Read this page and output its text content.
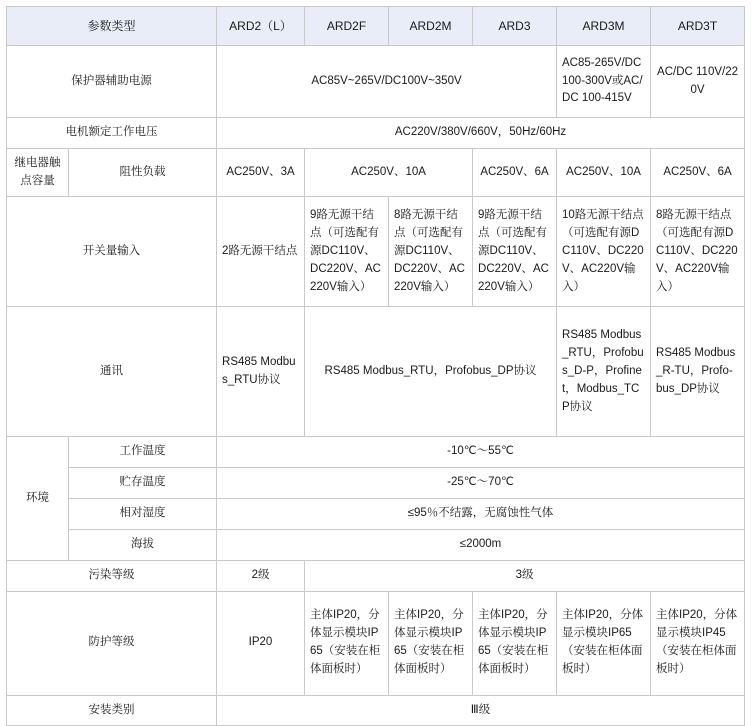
参数类型		ARD2（L）	ARD2F	ARD2M	ARD3	ARD3M	ARD3T
保护器辅助电源		AC85V~265V/DC100V~350V				AC85-265V/DC100-300V或AC/DC 100-415V	AC/DC 110V/220V
电机额定工作电压		AC220V/380V/660V，50Hz/60Hz					
继电器触点容量	阻性负载	AC250V、3A	AC250V、10A		AC250V、6A	AC250V、10A	AC250V、6A
开关量输入		2路无源干结点	9路无源干结点（可选配有源DC110V、DC220V、AC220V输入）	8路无源干结点（可选配有源DC110V、DC220V、AC220V输入）	9路无源干结点（可选配有源DC110V、DC220V、AC220V输入）	10路无源干结点（可选配有源DC110V、DC220V、AC220V输入）	8路无源干结点（可选配有源DC110V、DC220V、AC220V输入）
通讯		RS485 Modbus_RTU协议	RS485 Modbus_RTU，Profobus_DP协议			RS485 Modbus_RTU，Profobus_D-P，Profinet，Modbus_TCP协议	RS485 Modbus_R-TU，Profo-bus_DP协议
环境	工作温度	-10℃～55℃					
	贮存温度	-25℃～70℃					
	相对湿度	≤95％不结露，无腐蚀性气体					
	海拔	≤2000m					
污染等级		2级	3级				
防护等级		IP20	主体IP20，分体显示模块IP65（安装在柜体面板时）	主体IP20，分体显示模块IP65（安装在柜体面板时）	主体IP20，分体显示模块IP65（安装在柜体面板时）	主体IP20，分体显示模块IP65（安装在柜体面板时）	主体IP20，分体显示模块IP45（安装在柜体面板时）
安装类别		Ⅲ级					
